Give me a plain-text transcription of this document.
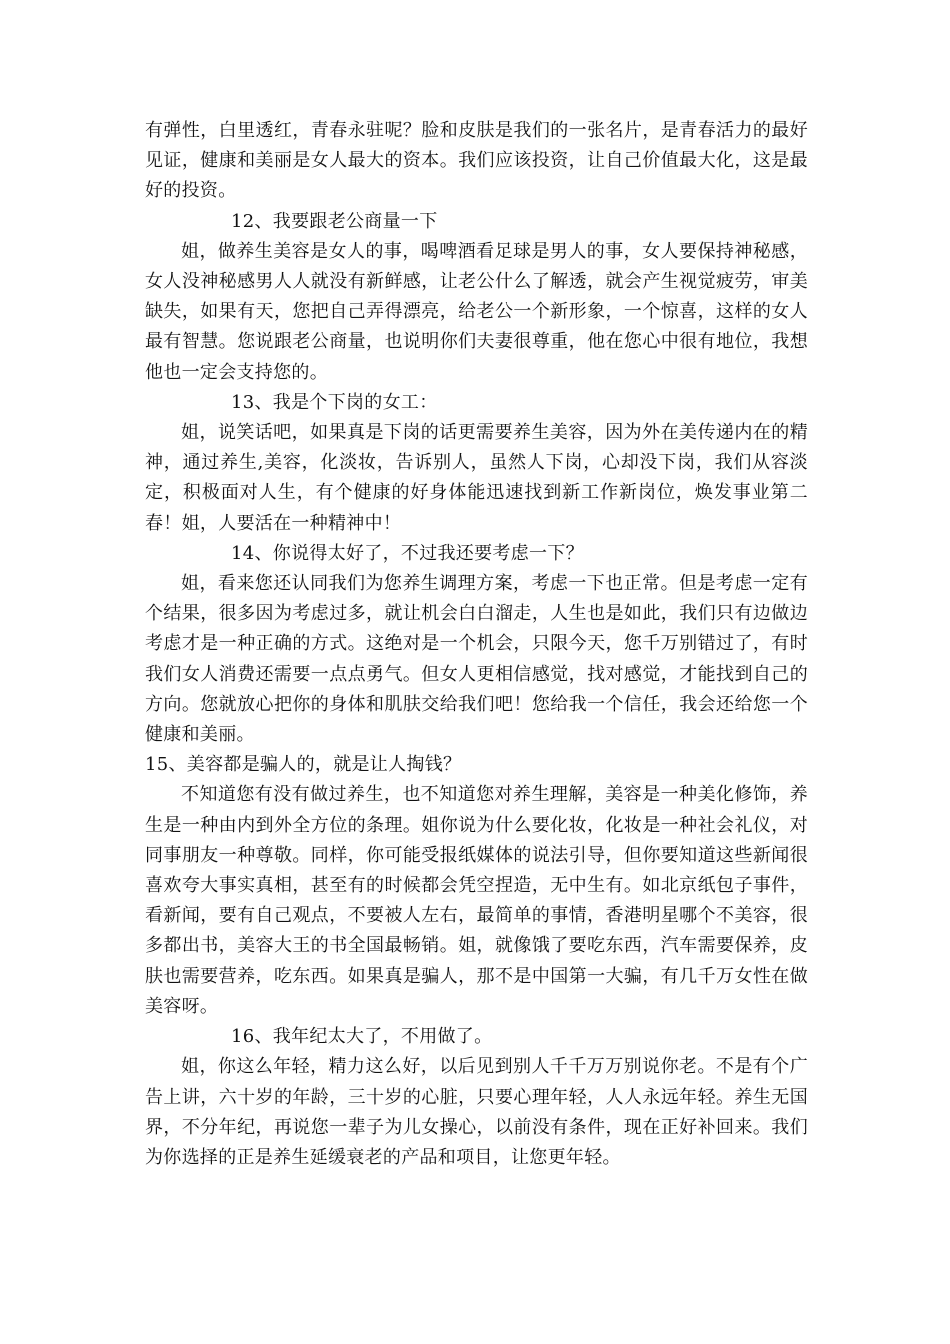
有弹性，白里透红，青春永驻呢？脸和皮肤是我们的一张名片，是青春活力的最好见证，健康和美丽是女人最大的资本。我们应该投资，让自己价值最大化，这是最好的投资。

12、我要跟老公商量一下

姐，做养生美容是女人的事，喝啤酒看足球是男人的事，女人要保持神秘感，女人没神秘感男人人就没有新鲜感，让老公什么了解透，就会产生视觉疲劳，审美缺失，如果有天，您把自己弄得漂亮，给老公一个新形象，一个惊喜，这样的女人最有智慧。您说跟老公商量，也说明你们夫妻很尊重，他在您心中很有地位，我想他也一定会支持您的。

13、我是个下岗的女工：

姐，说笑话吧，如果真是下岗的话更需要养生美容，因为外在美传递内在的精神，通过养生,美容，化淡妆，告诉别人，虽然人下岗，心却没下岗，我们从容淡定，积极面对人生，有个健康的好身体能迅速找到新工作新岗位，焕发事业第二春！姐，人要活在一种精神中！

14、你说得太好了，不过我还要考虑一下？

姐，看来您还认同我们为您养生调理方案，考虑一下也正常。但是考虑一定有个结果，很多因为考虑过多，就让机会白白溜走，人生也是如此，我们只有边做边考虑才是一种正确的方式。这绝对是一个机会，只限今天，您千万别错过了，有时我们女人消费还需要一点点勇气。但女人更相信感觉，找对感觉，才能找到自己的方向。您就放心把你的身体和肌肤交给我们吧！您给我一个信任，我会还给您一个健康和美丽。

15、美容都是骗人的，就是让人掏钱？

不知道您有没有做过养生，也不知道您对养生理解，美容是一种美化修饰，养生是一种由内到外全方位的条理。姐你说为什么要化妆，化妆是一种社会礼仪，对同事朋友一种尊敬。同样，你可能受报纸媒体的说法引导，但你要知道这些新闻很喜欢夸大事实真相，甚至有的时候都会凭空捏造，无中生有。如北京纸包子事件，看新闻，要有自己观点，不要被人左右，最简单的事情，香港明星哪个不美容，很多都出书，美容大王的书全国最畅销。姐，就像饿了要吃东西，汽车需要保养，皮肤也需要营养，吃东西。如果真是骗人，那不是中国第一大骗，有几千万女性在做美容呀。

16、我年纪太大了，不用做了。

姐，你这么年轻，精力这么好，以后见到别人千千万万别说你老。不是有个广告上讲，六十岁的年龄，三十岁的心脏，只要心理年轻，人人永远年轻。养生无国界，不分年纪，再说您一辈子为儿女操心，以前没有条件，现在正好补回来。我们为你选择的正是养生延缓衰老的产品和项目，让您更年轻。
